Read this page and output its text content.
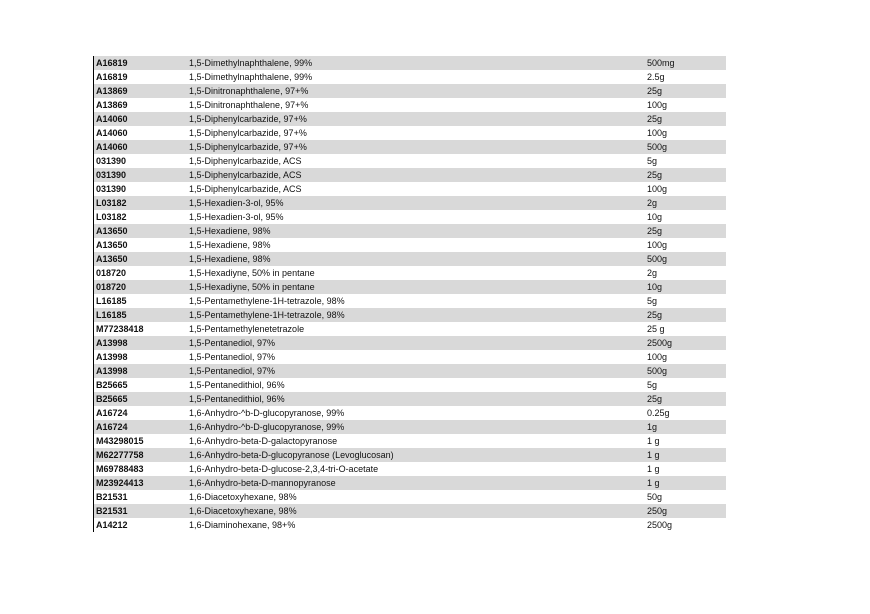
A16819	1,5-Dimethylnaphthalene, 99%	500mg
A16819	1,5-Dimethylnaphthalene, 99%	2.5g
A13869	1,5-Dinitronaphthalene, 97+%	25g
A13869	1,5-Dinitronaphthalene, 97+%	100g
A14060	1,5-Diphenylcarbazide, 97+%	25g
A14060	1,5-Diphenylcarbazide, 97+%	100g
A14060	1,5-Diphenylcarbazide, 97+%	500g
031390	1,5-Diphenylcarbazide, ACS	5g
031390	1,5-Diphenylcarbazide, ACS	25g
031390	1,5-Diphenylcarbazide, ACS	100g
L03182	1,5-Hexadien-3-ol, 95%	2g
L03182	1,5-Hexadien-3-ol, 95%	10g
A13650	1,5-Hexadiene, 98%	25g
A13650	1,5-Hexadiene, 98%	100g
A13650	1,5-Hexadiene, 98%	500g
018720	1,5-Hexadiyne, 50% in pentane	2g
018720	1,5-Hexadiyne, 50% in pentane	10g
L16185	1,5-Pentamethylene-1H-tetrazole, 98%	5g
L16185	1,5-Pentamethylene-1H-tetrazole, 98%	25g
M77238418	1,5-Pentamethylenetetrazole	25 g
A13998	1,5-Pentanediol, 97%	2500g
A13998	1,5-Pentanediol, 97%	100g
A13998	1,5-Pentanediol, 97%	500g
B25665	1,5-Pentanedithiol, 96%	5g
B25665	1,5-Pentanedithiol, 96%	25g
A16724	1,6-Anhydro-^b-D-glucopyranose, 99%	0.25g
A16724	1,6-Anhydro-^b-D-glucopyranose, 99%	1g
M43298015	1,6-Anhydro-beta-D-galactopyranose	1 g
M62277758	1,6-Anhydro-beta-D-glucopyranose (Levoglucosan)	1 g
M69788483	1,6-Anhydro-beta-D-glucose-2,3,4-tri-O-acetate	1 g
M23924413	1,6-Anhydro-beta-D-mannopyranose	1 g
B21531	1,6-Diacetoxyhexane, 98%	50g
B21531	1,6-Diacetoxyhexane, 98%	250g
A14212	1,6-Diaminohexane, 98+%	2500g
